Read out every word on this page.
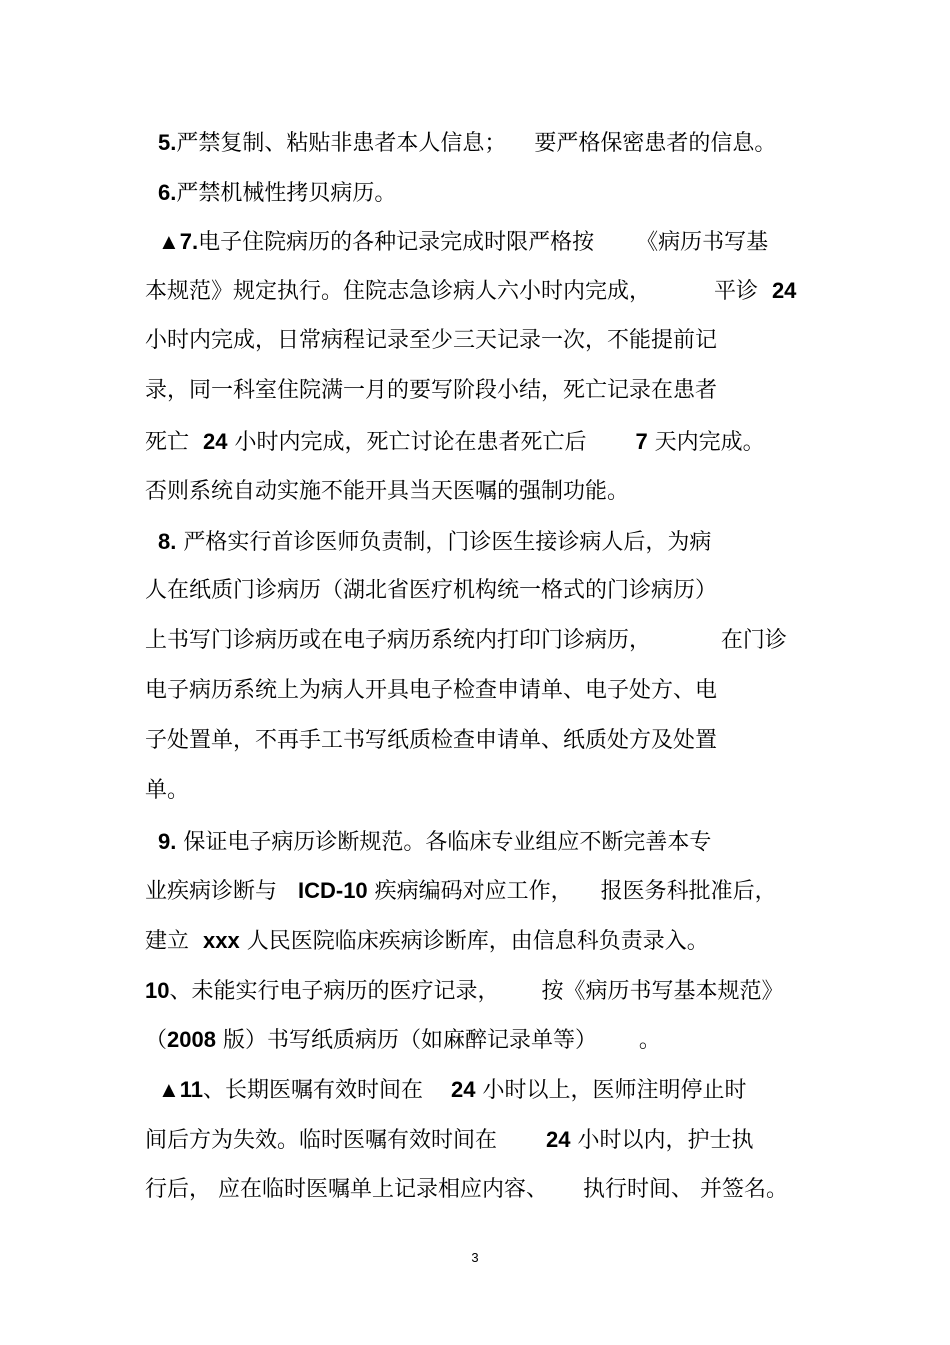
5.严禁复制、粘贴非患者本人信息；    要严格保密患者的信息。
6.严禁机械性拷贝病历。
▲7.电子住院病历的各种记录完成时限严格按      《病历书写基
本规范》规定执行。住院志急诊病人六小时内完成，         平诊  24
小时内完成，日常病程记录至少三天记录一次，不能提前记
录，同一科室住院满一月的要写阶段小结，死亡记录在患者
死亡  24 小时内完成，死亡讨论在患者死亡后       7 天内完成。
否则系统自动实施不能开具当天医嘱的强制功能。
8. 严格实行首诊医师负责制，门诊医生接诊病人后，为病
人在纸质门诊病历（湖北省医疗机构统一格式的门诊病历）
上书写门诊病历或在电子病历系统内打印门诊病历，          在门诊
电子病历系统上为病人开具电子检查申请单、电子处方、电
子处置单，不再手工书写纸质检查申请单、纸质处方及处置
单。
9. 保证电子病历诊断规范。各临床专业组应不断完善本专
业疾病诊断与   ICD-10 疾病编码对应工作，    报医务科批准后，
建立  xxx 人民医院临床疾病诊断库，由信息科负责录入。
10、未能实行电子病历的医疗记录，      按《病历书写基本规范》
（2008 版）书写纸质病历（如麻醉记录单等）      。
▲11、长期医嘱有效时间在    24 小时以上，医师注明停止时
间后方为失效。临时医嘱有效时间在       24 小时以内，护士执
行后， 应在临时医嘱单上记录相应内容、     执行时间、 并签名。
3
